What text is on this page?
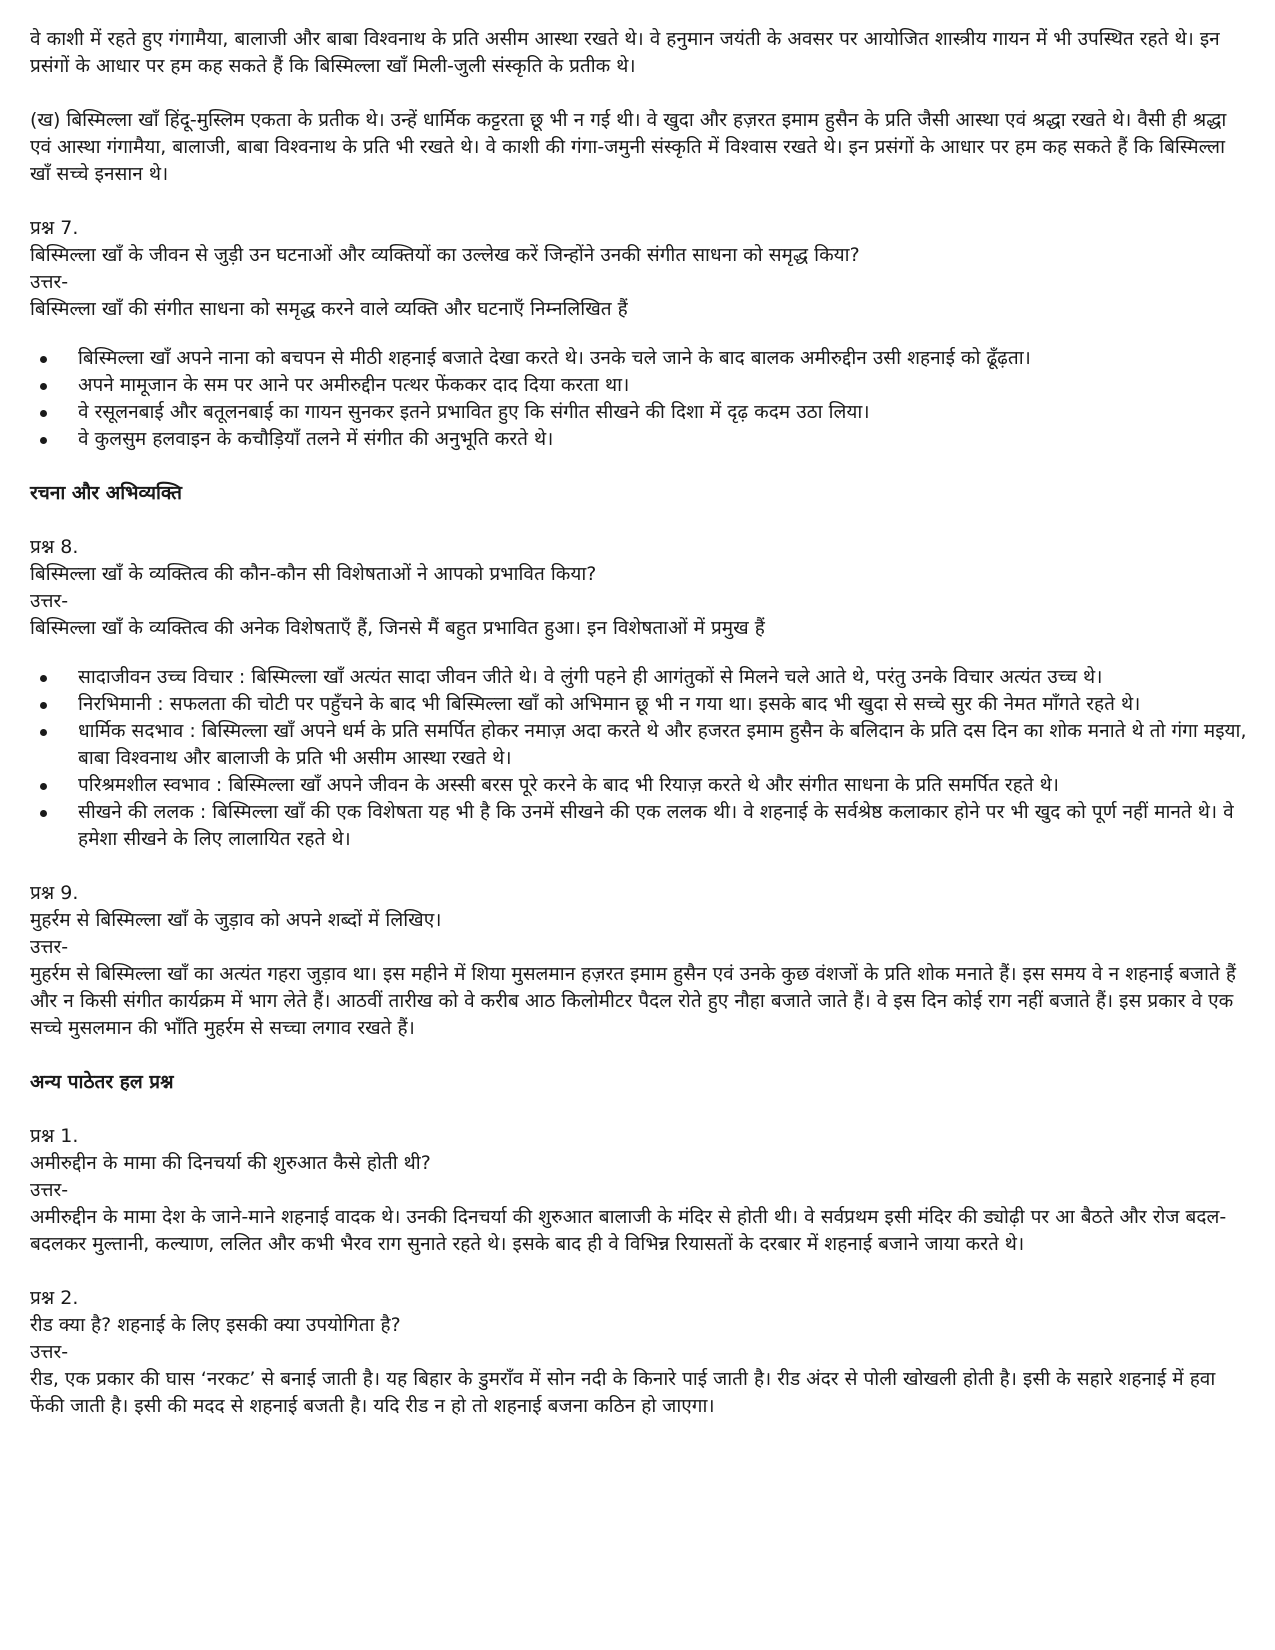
वे काशी में रहते हुए गंगामैया, बालाजी और बाबा विश्वनाथ के प्रति असीम आस्था रखते थे। वे हनुमान जयंती के अवसर पर आयोजित शास्त्रीय गायन में भी उपस्थित रहते थे। इन प्रसंगों के आधार पर हम कह सकते हैं कि बिस्मिल्ला खाँ मिली-जुली संस्कृति के प्रतीक थे।

(ख) बिस्मिल्ला खाँ हिंदू-मुस्लिम एकता के प्रतीक थे। उन्हें धार्मिक कट्टरता छू भी न गई थी। वे खुदा और हज़रत इमाम हुसैन के प्रति जैसी आस्था एवं श्रद्धा रखते थे। वैसी ही श्रद्धा एवं आस्था गंगामैया, बालाजी, बाबा विश्वनाथ के प्रति भी रखते थे। वे काशी की गंगा-जमुनी संस्कृति में विश्वास रखते थे। इन प्रसंगों के आधार पर हम कह सकते हैं कि बिस्मिल्ला खाँ सच्चे इनसान थे।

प्रश्न 7.
बिस्मिल्ला खाँ के जीवन से जुड़ी उन घटनाओं और व्यक्तियों का उल्लेख करें जिन्होंने उनकी संगीत साधना को समृद्ध किया?
उत्तर-

बिस्मिल्ला खाँ की संगीत साधना को समृद्ध करने वाले व्यक्ति और घटनाएँ निम्नलिखित हैं

बिस्मिल्ला खाँ अपने नाना को बचपन से मीठी शहनाई बजाते देखा करते थे। उनके चले जाने के बाद बालक अमीरुद्दीन उसी शहनाई को ढूँढ़ता।
अपने मामूजान के सम पर आने पर अमीरुद्दीन पत्थर फेंककर दाद दिया करता था।
वे रसूलनबाई और बतूलनबाई का गायन सुनकर इतने प्रभावित हुए कि संगीत सीखने की दिशा में दृढ़ कदम उठा लिया।
वे कुलसुम हलवाइन के कचौड़ियाँ तलने में संगीत की अनुभूति करते थे।
रचना और अभिव्यक्ति
प्रश्न 8.
बिस्मिल्ला खाँ के व्यक्तित्व की कौन-कौन सी विशेषताओं ने आपको प्रभावित किया?
उत्तर-

बिस्मिल्ला खाँ के व्यक्तित्व की अनेक विशेषताएँ हैं, जिनसे मैं बहुत प्रभावित हुआ। इन विशेषताओं में प्रमुख हैं

सादाजीवन उच्च विचार : बिस्मिल्ला खाँ अत्यंत सादा जीवन जीते थे। वे लुंगी पहने ही आगंतुकों से मिलने चले आते थे, परंतु उनके विचार अत्यंत उच्च थे।
निरभिमानी : सफलता की चोटी पर पहुँचने के बाद भी बिस्मिल्ला खाँ को अभिमान छू भी न गया था। इसके बाद भी खुदा से सच्चे सुर की नेमत माँगते रहते थे।
धार्मिक सदभाव : बिस्मिल्ला खाँ अपने धर्म के प्रति समर्पित होकर नमाज़ अदा करते थे और हजरत इमाम हुसैन के बलिदान के प्रति दस दिन का शोक मनाते थे तो गंगा मइया, बाबा विश्वनाथ और बालाजी के प्रति भी असीम आस्था रखते थे।
परिश्रमशील स्वभाव : बिस्मिल्ला खाँ अपने जीवन के अस्सी बरस पूरे करने के बाद भी रियाज़ करते थे और संगीत साधना के प्रति समर्पित रहते थे।
सीखने की ललक : बिस्मिल्ला खाँ की एक विशेषता यह भी है कि उनमें सीखने की एक ललक थी। वे शहनाई के सर्वश्रेष्ठ कलाकार होने पर भी खुद को पूर्ण नहीं मानते थे। वे हमेशा सीखने के लिए लालायित रहते थे।
प्रश्न 9.
मुहर्रम से बिस्मिल्ला खाँ के जुड़ाव को अपने शब्दों में लिखिए।
उत्तर-

मुहर्रम से बिस्मिल्ला खाँ का अत्यंत गहरा जुड़ाव था। इस महीने में शिया मुसलमान हज़रत इमाम हुसैन एवं उनके कुछ वंशजों के प्रति शोक मनाते हैं। इस समय वे न शहनाई बजाते हैं और न किसी संगीत कार्यक्रम में भाग लेते हैं। आठवीं तारीख को वे करीब आठ किलोमीटर पैदल रोते हुए नौहा बजाते जाते हैं। वे इस दिन कोई राग नहीं बजाते हैं। इस प्रकार वे एक सच्चे मुसलमान की भाँति मुहर्रम से सच्चा लगाव रखते हैं।

अन्य पाठेतर हल प्रश्न
प्रश्न 1.
अमीरुद्दीन के मामा की दिनचर्या की शुरुआत कैसे होती थी?
उत्तर-

अमीरुद्दीन के मामा देश के जाने-माने शहनाई वादक थे। उनकी दिनचर्या की शुरुआत बालाजी के मंदिर से होती थी। वे सर्वप्रथम इसी मंदिर की ड्योढ़ी पर आ बैठते और रोज बदल-बदलकर मुल्तानी, कल्याण, ललित और कभी भैरव राग सुनाते रहते थे। इसके बाद ही वे विभिन्न रियासतों के दरबार में शहनाई बजाने जाया करते थे।

प्रश्न 2.
रीड क्या है? शहनाई के लिए इसकी क्या उपयोगिता है?
उत्तर-

रीड, एक प्रकार की घास ‘नरकट’ से बनाई जाती है। यह बिहार के डुमराँव में सोन नदी के किनारे पाई जाती है। रीड अंदर से पोली खोखली होती है। इसी के सहारे शहनाई में हवा फेंकी जाती है। इसी की मदद से शहनाई बजती है। यदि रीड न हो तो शहनाई बजना कठिन हो जाएगा।
